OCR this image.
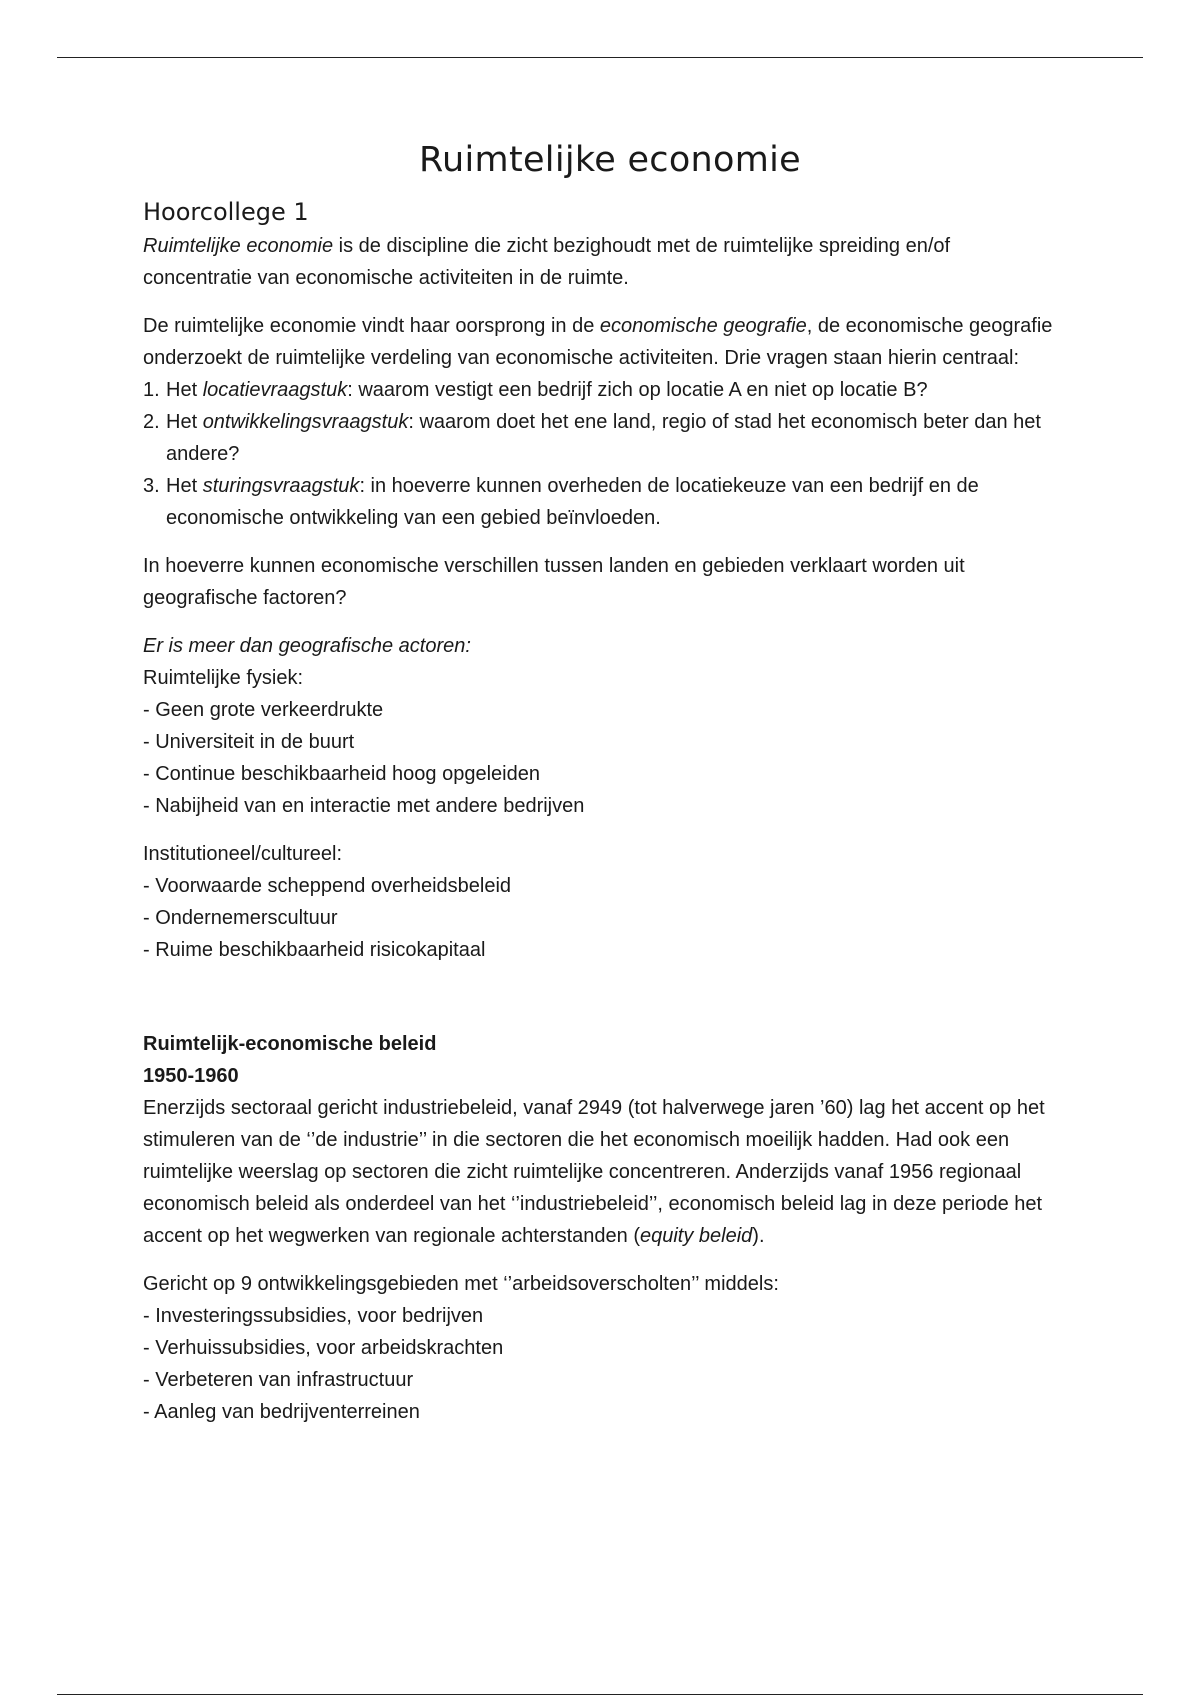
Ruimtelijke economie
Hoorcollege 1

Ruimtelijke economie is de discipline die zicht bezighoudt met de ruimtelijke spreiding en/of concentratie van economische activiteiten in de ruimte.

De ruimtelijke economie vindt haar oorsprong in de economische geografie, de economische geografie onderzoekt de ruimtelijke verdeling van economische activiteiten. Drie vragen staan hierin centraal:

1. Het locatievraagstuk: waarom vestigt een bedrijf zich op locatie A en niet op locatie B?
2. Het ontwikkelingsvraagstuk: waarom doet het ene land, regio of stad het economisch beter dan het andere?
3. Het sturingsvraagstuk: in hoeverre kunnen overheden de locatiekeuze van een bedrijf en de economische ontwikkeling van een gebied beïnvloeden.

In hoeverre kunnen economische verschillen tussen landen en gebieden verklaart worden uit geografische factoren?

Er is meer dan geografische actoren:

Ruimtelijke fysiek:

- Geen grote verkeerdrukte

- Universiteit in de buurt

- Continue beschikbaarheid hoog opgeleiden

- Nabijheid van en interactie met andere bedrijven

Institutioneel/cultureel:

- Voorwaarde scheppend overheidsbeleid

- Ondernemerscultuur

- Ruime beschikbaarheid risicokapitaal

Ruimtelijk-economische beleid

1950-1960

Enerzijds sectoraal gericht industriebeleid, vanaf 2949 (tot halverwege jaren ’60) lag het accent op het stimuleren van de ‘’de industrie’’ in die sectoren die het economisch moeilijk hadden. Had ook een ruimtelijke weerslag op sectoren die zicht ruimtelijke concentreren. Anderzijds vanaf 1956 regionaal economisch beleid als onderdeel van het ‘’industriebeleid’’, economisch beleid lag in deze periode het accent op het wegwerken van regionale achterstanden (equity beleid).

Gericht op 9 ontwikkelingsgebieden met ‘’arbeidsoverscholten’’ middels:

- Investeringssubsidies, voor bedrijven

- Verhuissubsidies, voor arbeidskrachten

- Verbeteren van infrastructuur

- Aanleg van bedrijventerreinen
